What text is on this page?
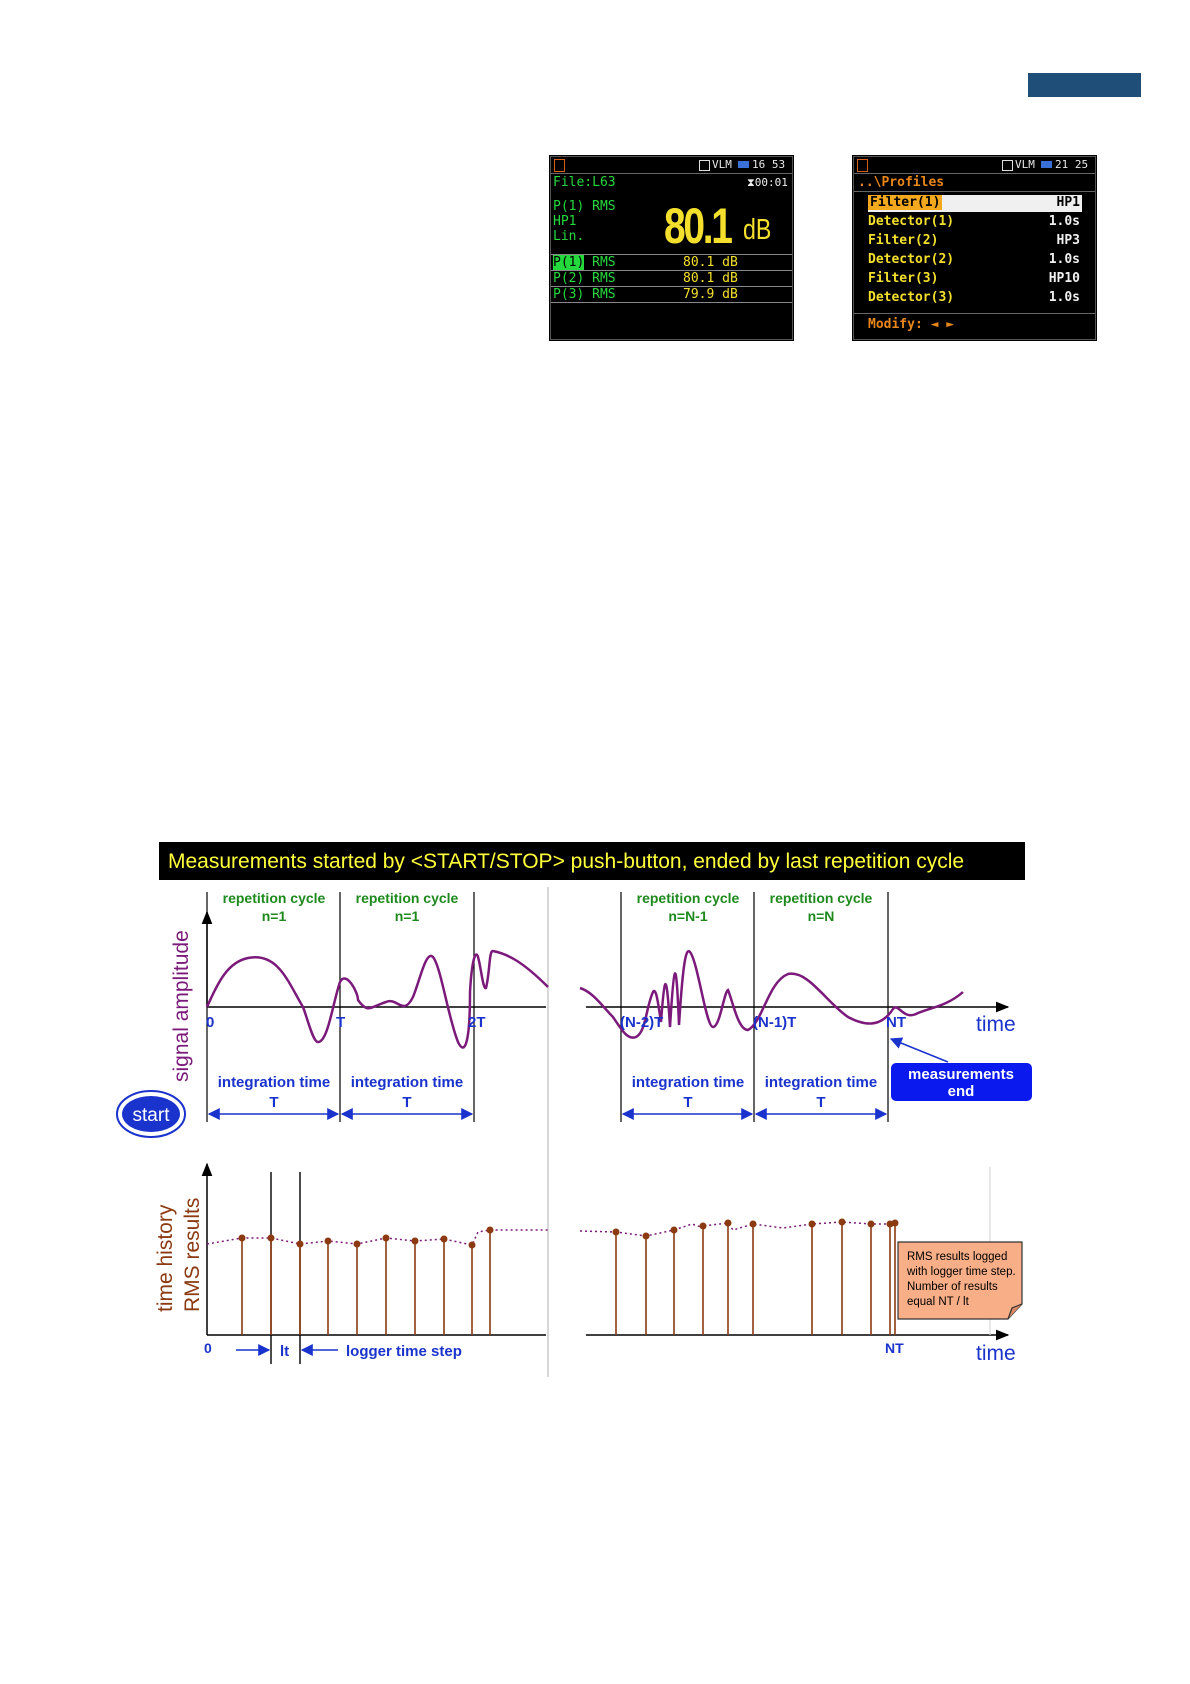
VLM 16 53
File:L63	⧗00:01
P(1) RMS
HP1
Lin. 80.1 dB
P(1) RMS	80.1 dB
P(2) RMS	80.1 dB
P(3) RMS	79.9 dB
VLM 21 25
..\Profiles
Filter(1)	HP1
Detector(1)	1.0s
Filter(2)	HP3
Detector(2)	1.0s
Filter(3)	HP10
Detector(3)	1.0s
Modify: ◄ ►
Measurements started by <START/STOP> push-button, ended by last repetition cycle
repetition cycle
n=1
repetition cycle
n=1
repetition cycle
n=N-1
repetition cycle
n=N
signal amplitude
time history RMS results
0	T	2T	(N-2)T	(N-1)T	NT	time
integration time
T
integration time
T
integration time
T
integration time
T
start
measurements
end
0	lt	logger time step	NT	time
RMS results logged
with logger time step.
Number of results
equal NT / lt
